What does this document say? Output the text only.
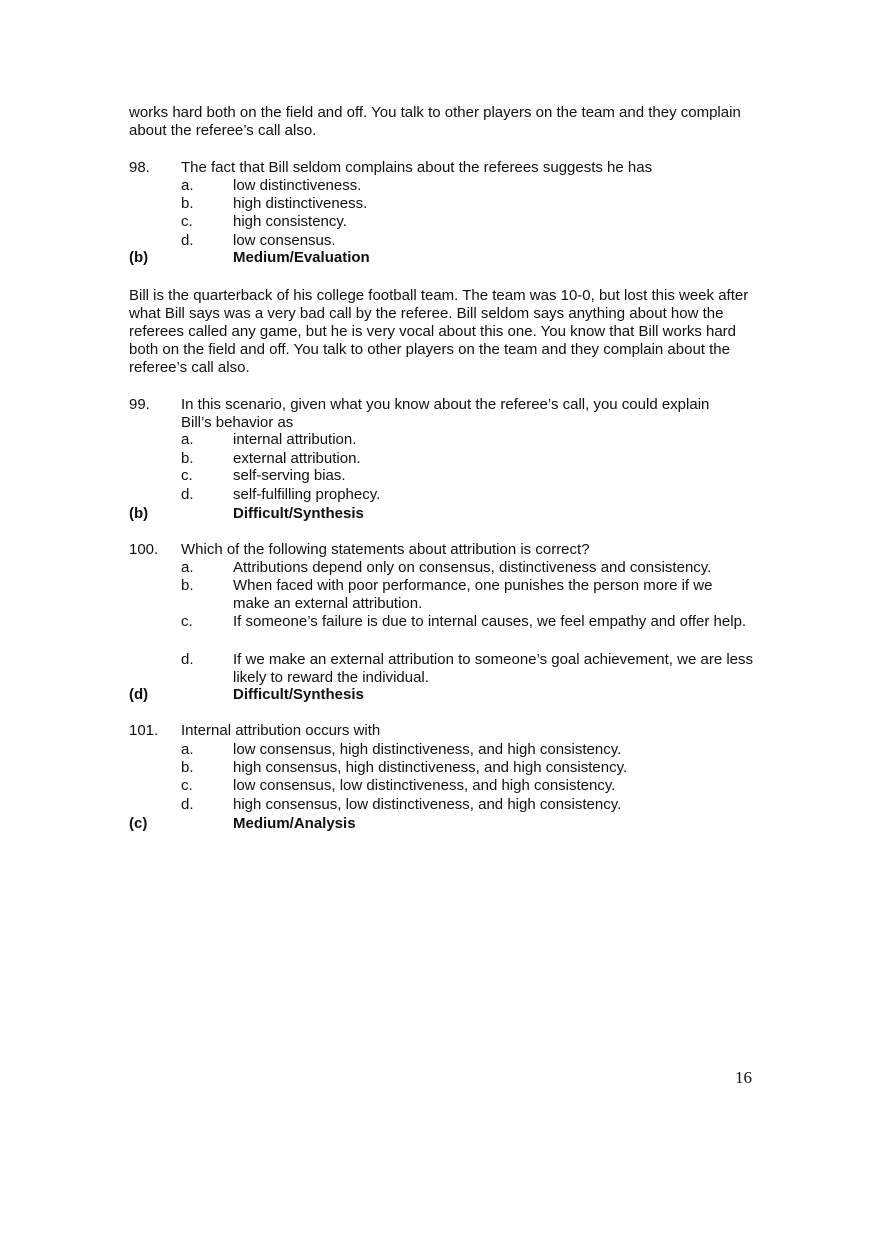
works hard both on the field and off. You talk to other players on the team and they complain about the referee’s call also.

98. The fact that Bill seldom complains about the referees suggests he has
a.	low distinctiveness.
b.	high distinctiveness.
c.	high consistency.
d.	low consensus.
(b)	Medium/Evaluation

Bill is the quarterback of his college football team. The team was 10-0, but lost this week after what Bill says was a very bad call by the referee. Bill seldom says anything about how the referees called any game, but he is very vocal about this one. You know that Bill works hard both on the field and off. You talk to other players on the team and they complain about the referee’s call also.

99. In this scenario, given what you know about the referee’s call, you could explain Bill’s behavior as
a.	internal attribution.
b.	external attribution.
c.	self-serving bias.
d.	self-fulfilling prophecy.
(b)	Difficult/Synthesis
100. Which of the following statements about attribution is correct?
a.	Attributions depend only on consensus, distinctiveness and consistency.
b.	When faced with poor performance, one punishes the person more if we make an external attribution.
c.	If someone’s failure is due to internal causes, we feel empathy and offer help.
d.	If we make an external attribution to someone’s goal achievement, we are less likely to reward the individual.
(d)	Difficult/Synthesis
101. Internal attribution occurs with
a.	low consensus, high distinctiveness, and high consistency.
b.	high consensus, high distinctiveness, and high consistency.
c.	low consensus, low distinctiveness, and high consistency.
d.	high consensus, low distinctiveness, and high consistency.
(c)	Medium/Analysis
16
